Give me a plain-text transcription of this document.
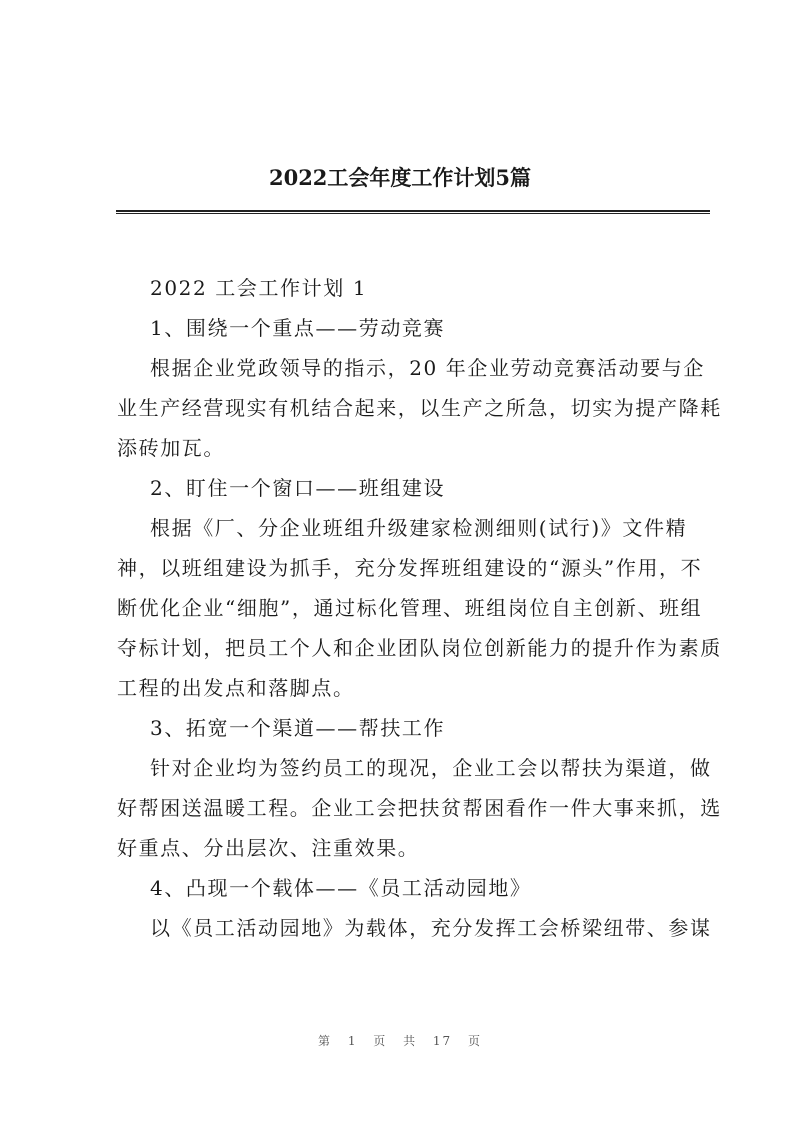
2022工会年度工作计划5篇
2022 工会工作计划 1
1、围绕一个重点——劳动竞赛
根据企业党政领导的指示，20 年企业劳动竞赛活动要与企
业生产经营现实有机结合起来，以生产之所急，切实为提产降耗
添砖加瓦。
2、盯住一个窗口——班组建设
根据《厂、分企业班组升级建家检测细则(试行)》文件精
神，以班组建设为抓手，充分发挥班组建设的“源头”作用，不
断优化企业“细胞”，通过标化管理、班组岗位自主创新、班组
夺标计划，把员工个人和企业团队岗位创新能力的提升作为素质
工程的出发点和落脚点。
3、拓宽一个渠道——帮扶工作
针对企业均为签约员工的现况，企业工会以帮扶为渠道，做
好帮困送温暖工程。企业工会把扶贫帮困看作一件大事来抓，选
好重点、分出层次、注重效果。
4、凸现一个载体——《员工活动园地》
以《员工活动园地》为载体，充分发挥工会桥梁纽带、参谋
第 1 页 共 17 页
